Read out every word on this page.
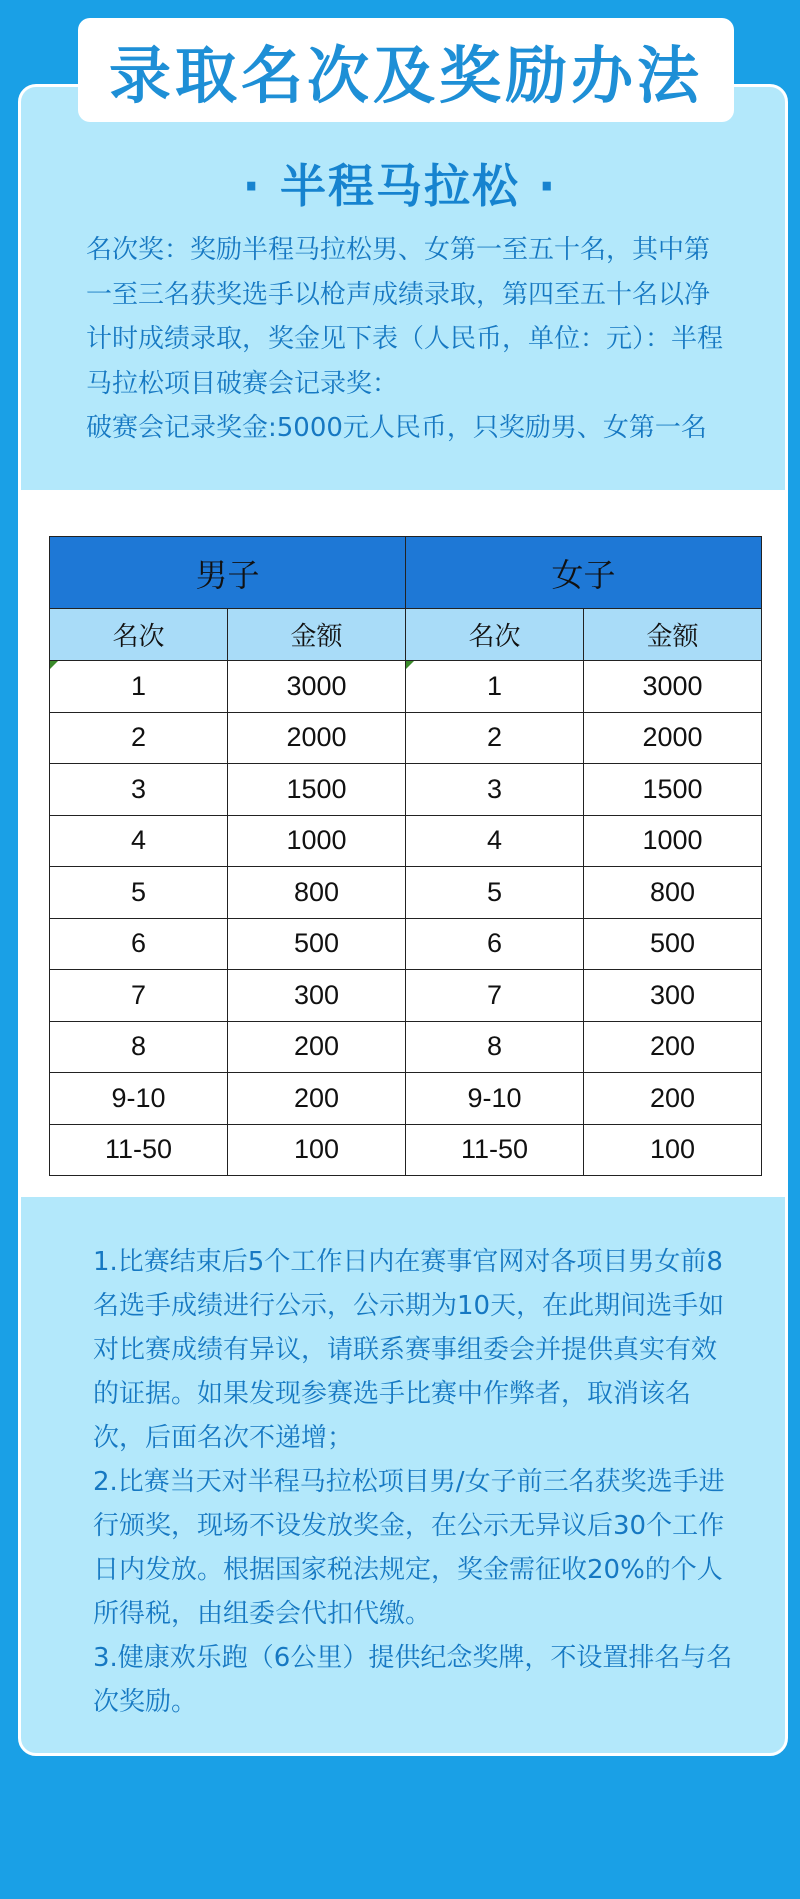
录取名次及奖励办法
· 半程马拉松 ·

名次奖：奖励半程马拉松男、女第一至五十名，其中第一至三名获奖选手以枪声成绩录取，第四至五十名以净计时成绩录取，奖金见下表（人民币，单位：元）：半程马拉松项目破赛会记录奖：

破赛会记录奖金:5000元人民币，只奖励男、女第一名

男子		女子	
名次	金额	名次	金额
1	3000	1	3000
2	2000	2	2000
3	1500	3	1500
4	1000	4	1000
5	800	5	800
6	500	6	500
7	300	7	300
8	200	8	200
9-10	200	9-10	200
11-50	100	11-50	100

1.比赛结束后5个工作日内在赛事官网对各项目男女前8名选手成绩进行公示，公示期为10天，在此期间选手如对比赛成绩有异议，请联系赛事组委会并提供真实有效的证据。如果发现参赛选手比赛中作弊者，取消该名次，后面名次不递增；

2.比赛当天对半程马拉松项目男/女子前三名获奖选手进行颁奖，现场不设发放奖金，在公示无异议后30个工作日内发放。根据国家税法规定，奖金需征收20%的个人所得税，由组委会代扣代缴。

3.健康欢乐跑（6公里）提供纪念奖牌，不设置排名与名次奖励。
